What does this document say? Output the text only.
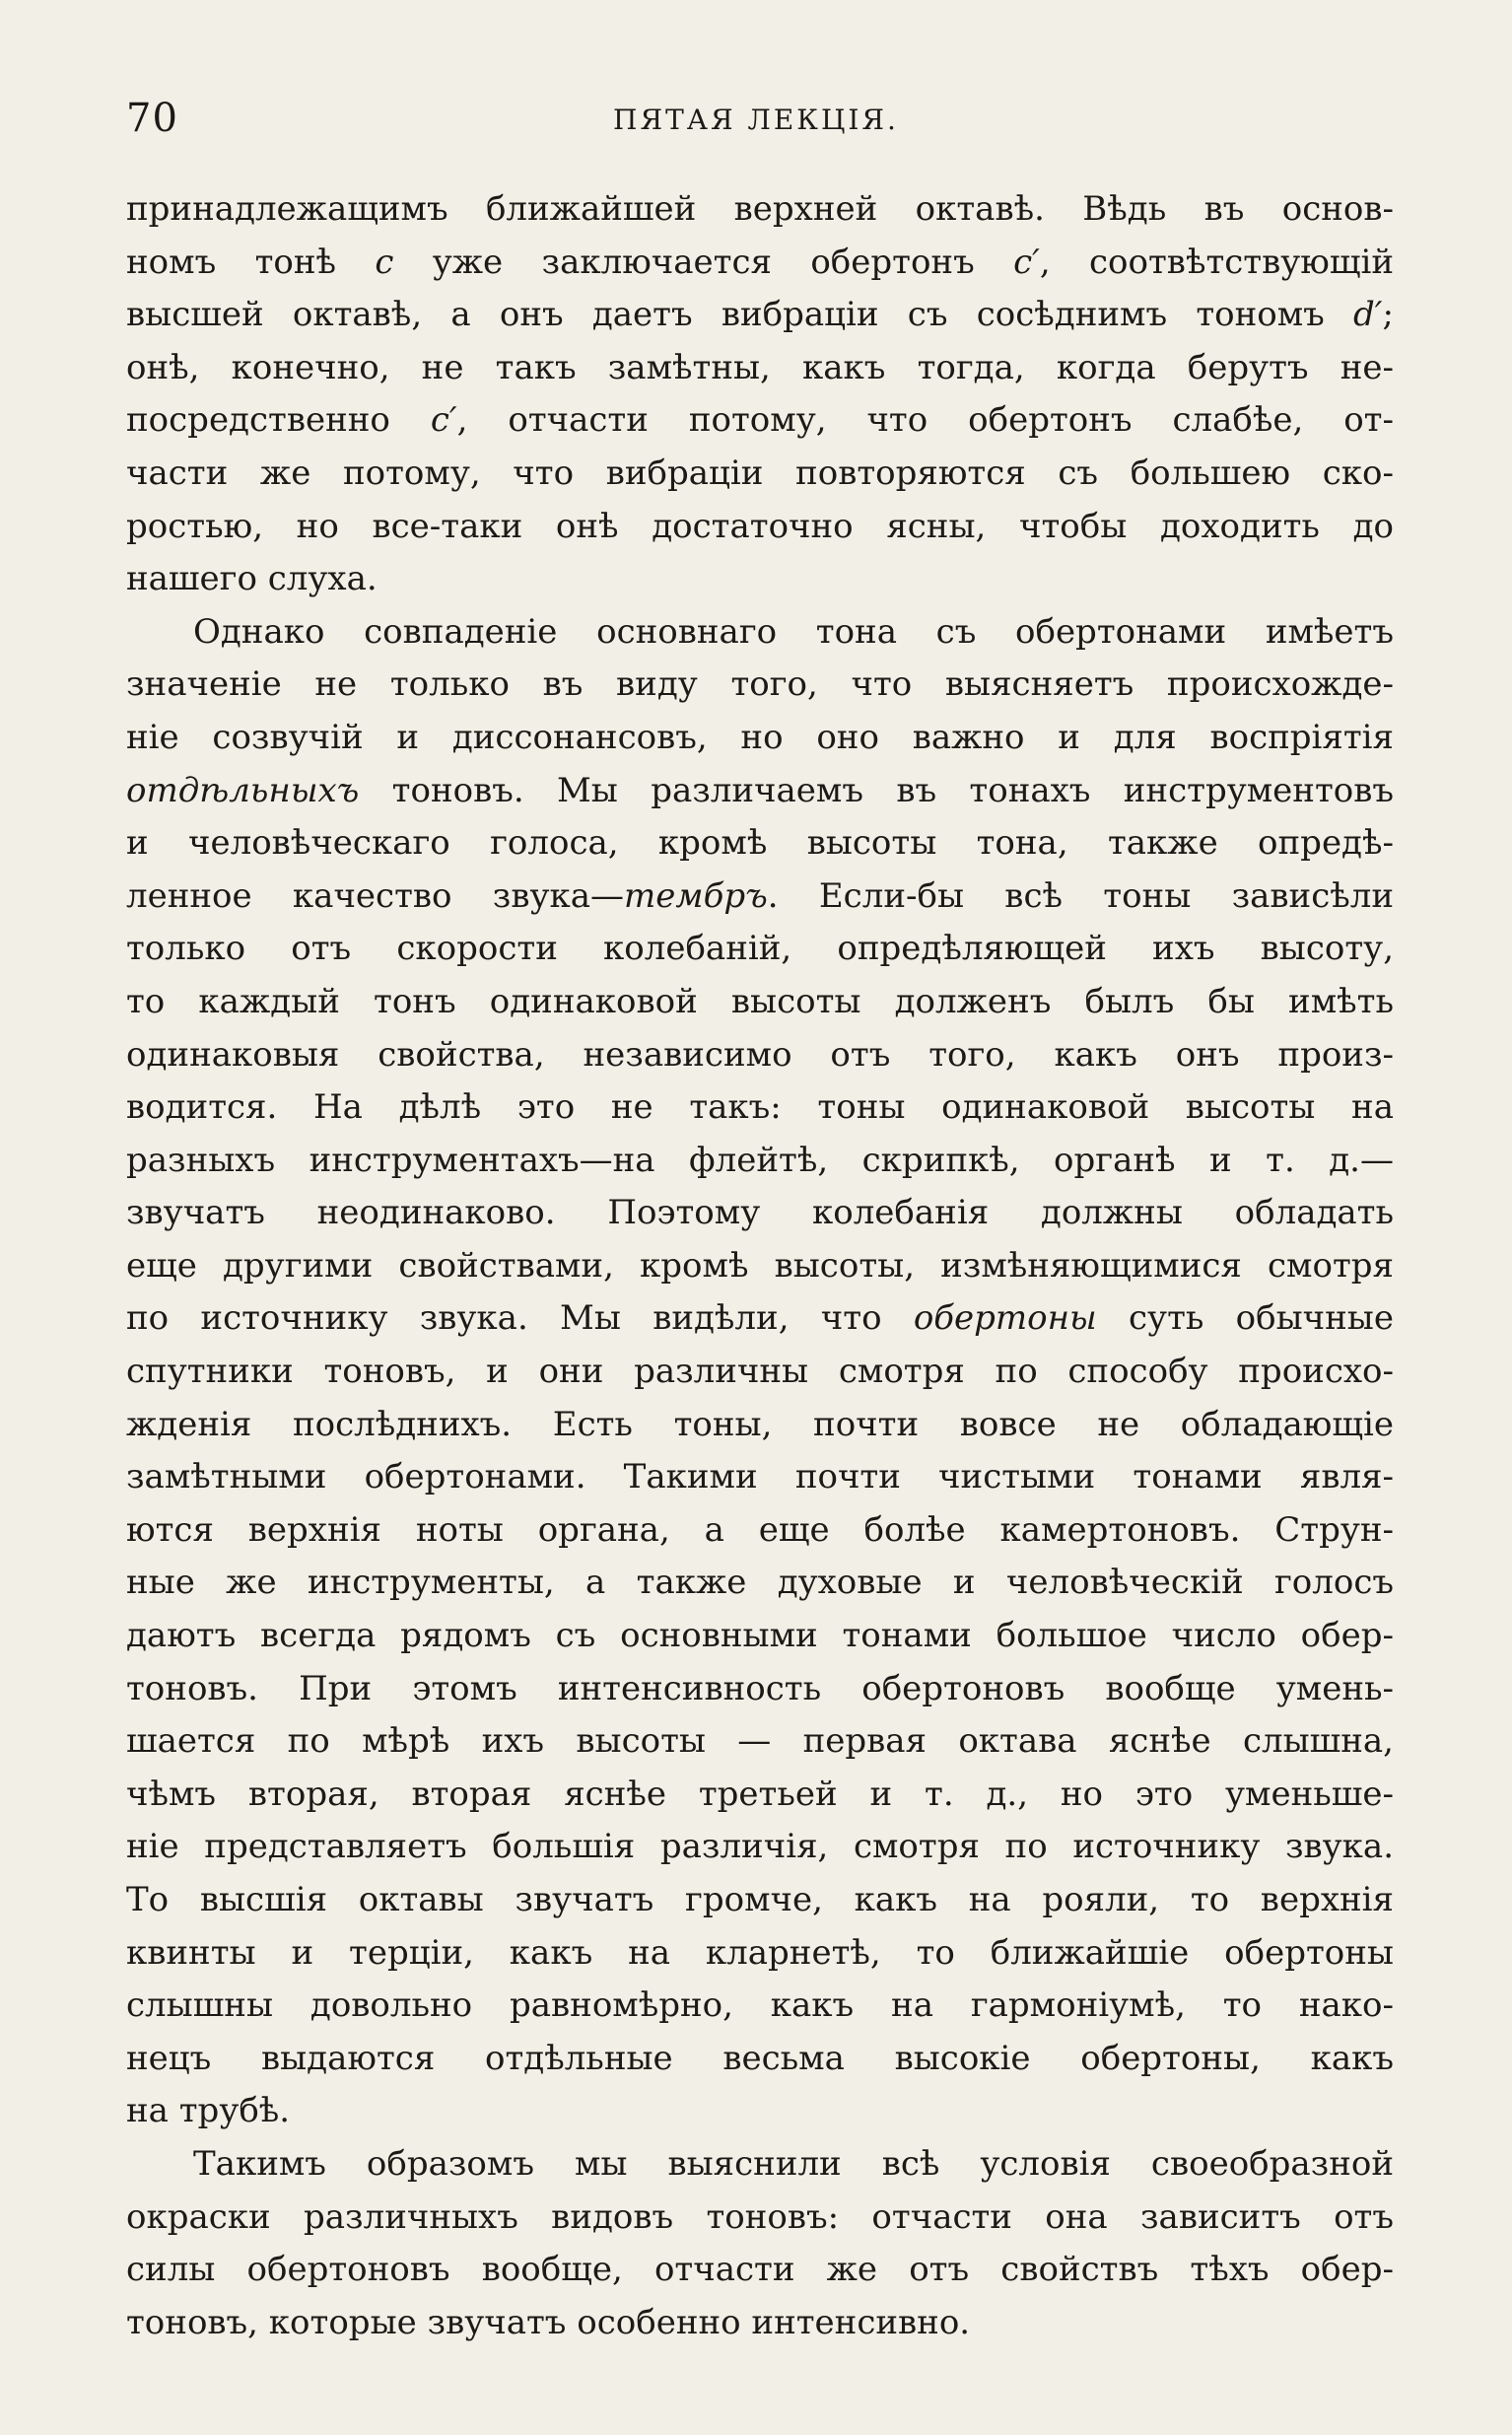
70	ПЯТАЯ ЛЕКЦІЯ.
принадлежащимъ ближайшей верхней октавѣ. Вѣдь въ основ-
номъ тонѣ c уже заключается обертонъ c′, соотвѣтствующій
высшей октавѣ, а онъ даетъ вибраціи съ сосѣднимъ тономъ d′;
онѣ, конечно, не такъ замѣтны, какъ тогда, когда берутъ не-
посредственно c′, отчасти потому, что обертонъ слабѣе, от-
части же потому, что вибраціи повторяются съ большею ско-
ростью, но все-таки онѣ достаточно ясны, чтобы доходить до
нашего слуха.
Однако совпаденіе основнаго тона съ обертонами имѣетъ
значеніе не только въ виду того, что выясняетъ происхожде-
ніе созвучій и диссонансовъ, но оно важно и для воспріятія
отдѣльныхъ тоновъ. Мы различаемъ въ тонахъ инструментовъ
и человѣческаго голоса, кромѣ высоты тона, также опредѣ-
ленное качество звука—тембръ. Если-бы всѣ тоны зависѣли
только отъ скорости колебаній, опредѣляющей ихъ высоту,
то каждый тонъ одинаковой высоты долженъ былъ бы имѣть
одинаковыя свойства, независимо отъ того, какъ онъ произ-
водится. На дѣлѣ это не такъ: тоны одинаковой высоты на
разныхъ инструментахъ—на флейтѣ, скрипкѣ, органѣ и т. д.—
звучатъ неодинаково. Поэтому колебанія должны обладать
еще другими свойствами, кромѣ высоты, измѣняющимися смотря
по источнику звука. Мы видѣли, что обертоны суть обычные
спутники тоновъ, и они различны смотря по способу происхо-
жденія послѣднихъ. Есть тоны, почти вовсе не обладающіе
замѣтными обертонами. Такими почти чистыми тонами явля-
ются верхнія ноты органа, а еще болѣе камертоновъ. Струн-
ные же инструменты, а также духовые и человѣческій голосъ
даютъ всегда рядомъ съ основными тонами большое число обер-
тоновъ. При этомъ интенсивность обертоновъ вообще умень-
шается по мѣрѣ ихъ высоты — первая октава яснѣе слышна,
чѣмъ вторая, вторая яснѣе третьей и т. д., но это уменьше-
ніе представляетъ большія различія, смотря по источнику звука.
То высшія октавы звучатъ громче, какъ на рояли, то верхнія
квинты и терціи, какъ на кларнетѣ, то ближайшіе обертоны
слышны довольно равномѣрно, какъ на гармоніумѣ, то нако-
нецъ выдаются отдѣльные весьма высокіе обертоны, какъ
на трубѣ.
Такимъ образомъ мы выяснили всѣ условія своеобразной
окраски различныхъ видовъ тоновъ: отчасти она зависитъ отъ
силы обертоновъ вообще, отчасти же отъ свойствъ тѣхъ обер-
тоновъ, которые звучатъ особенно интенсивно.
